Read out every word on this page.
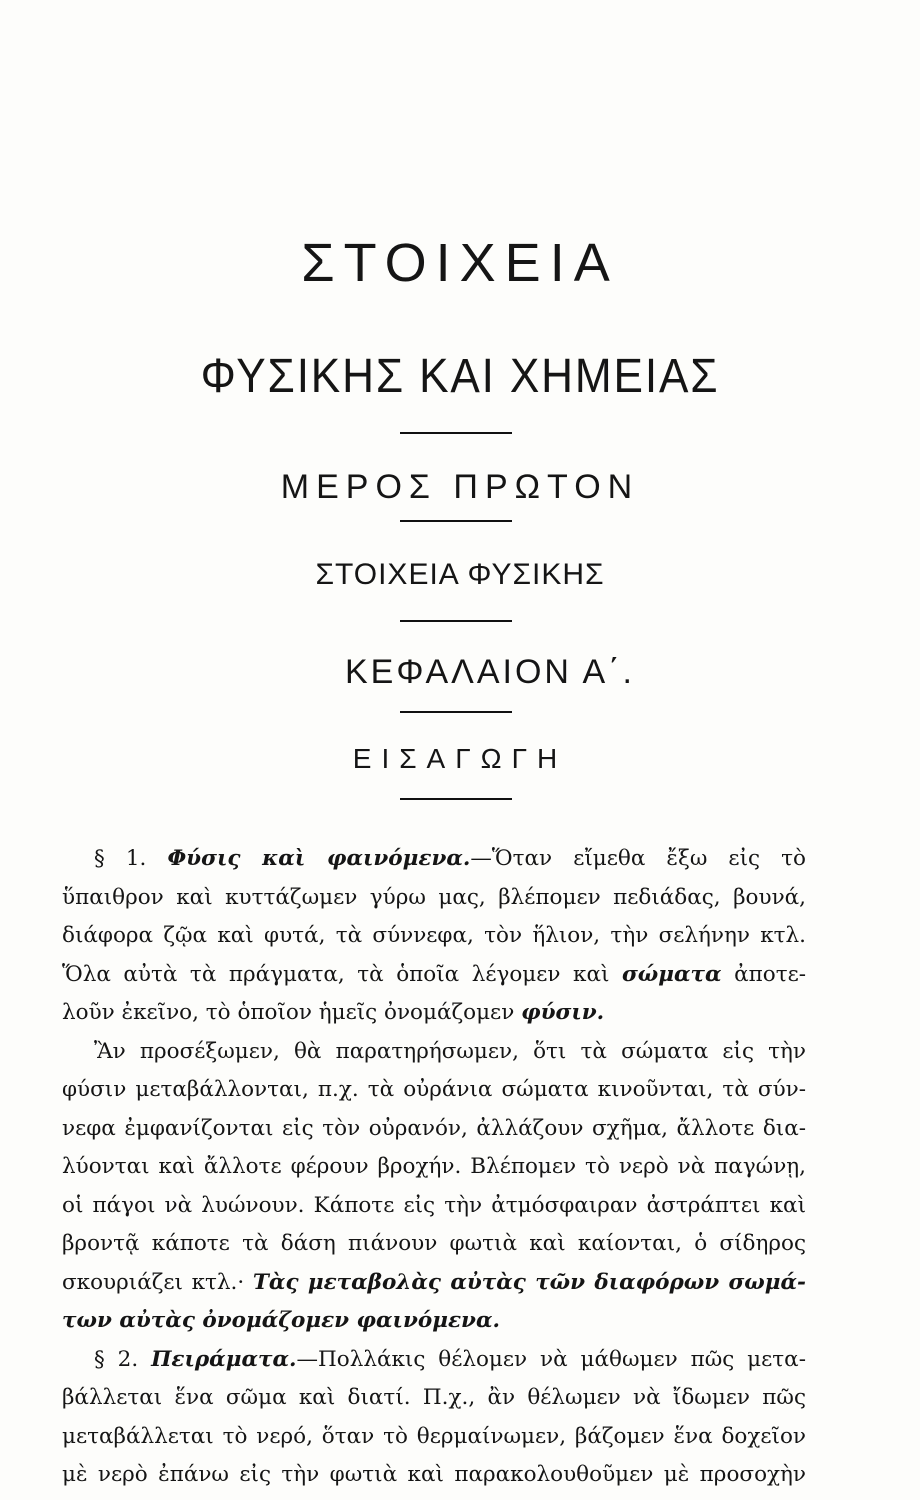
ΣΤΟΙΧΕΙΑ
ΦΥΣΙΚΗΣ ΚΑΙ ΧΗΜΕΙΑΣ
ΜΕΡΟΣ ΠΡΩΤΟΝ
ΣΤΟΙΧΕΙΑ ΦΥΣΙΚΗΣ
ΚΕΦΑΛΑΙΟΝ Α΄.
ΕΙΣΑΓΩΓΗ
§ 1. Φύσις καὶ φαινόμενα.—Ὅταν εἴμεθα ἔξω εἰς τὸ
ὕπαιθρον καὶ κυττάζωμεν γύρω μας, βλέπομεν πεδιάδας, βουνά,
διάφορα ζῷα καὶ φυτά, τὰ σύννεφα, τὸν ἥλιον, τὴν σελήνην κτλ.
Ὅλα αὐτὰ τὰ πράγματα, τὰ ὁποῖα λέγομεν καὶ σώματα ἀποτε-
λοῦν ἐκεῖνο, τὸ ὁποῖον ἡμεῖς ὀνομάζομεν φύσιν.
Ἂν προσέξωμεν, θὰ παρατηρήσωμεν, ὅτι τὰ σώματα εἰς τὴν
φύσιν μεταβάλλονται, π.χ. τὰ οὐράνια σώματα κινοῦνται, τὰ σύν-
νεφα ἐμφανίζονται εἰς τὸν οὐρανόν, ἀλλάζουν σχῆμα, ἄλλοτε δια-
λύονται καὶ ἄλλοτε φέρουν βροχήν. Βλέπομεν τὸ νερὸ νὰ παγώνῃ,
οἱ πάγοι νὰ λυώνουν. Κάποτε εἰς τὴν ἀτμόσφαιραν ἀστράπτει καὶ
βροντᾷ κάποτε τὰ δάση πιάνουν φωτιὰ καὶ καίονται, ὁ σίδηρος
σκουριάζει κτλ.· Τὰς μεταβολὰς αὐτὰς τῶν διαφόρων σωμά-
των αὐτὰς ὀνομάζομεν φαινόμενα.
§ 2. Πειράματα.—Πολλάκις θέλομεν νὰ μάθωμεν πῶς μετα-
βάλλεται ἕνα σῶμα καὶ διατί. Π.χ., ἂν θέλωμεν νὰ ἴδωμεν πῶς
μεταβάλλεται τὸ νερό, ὅταν τὸ θερμαίνωμεν, βάζομεν ἕνα δοχεῖον
μὲ νερὸ ἐπάνω εἰς τὴν φωτιὰ καὶ παρακολουθοῦμεν μὲ προσοχὴν
